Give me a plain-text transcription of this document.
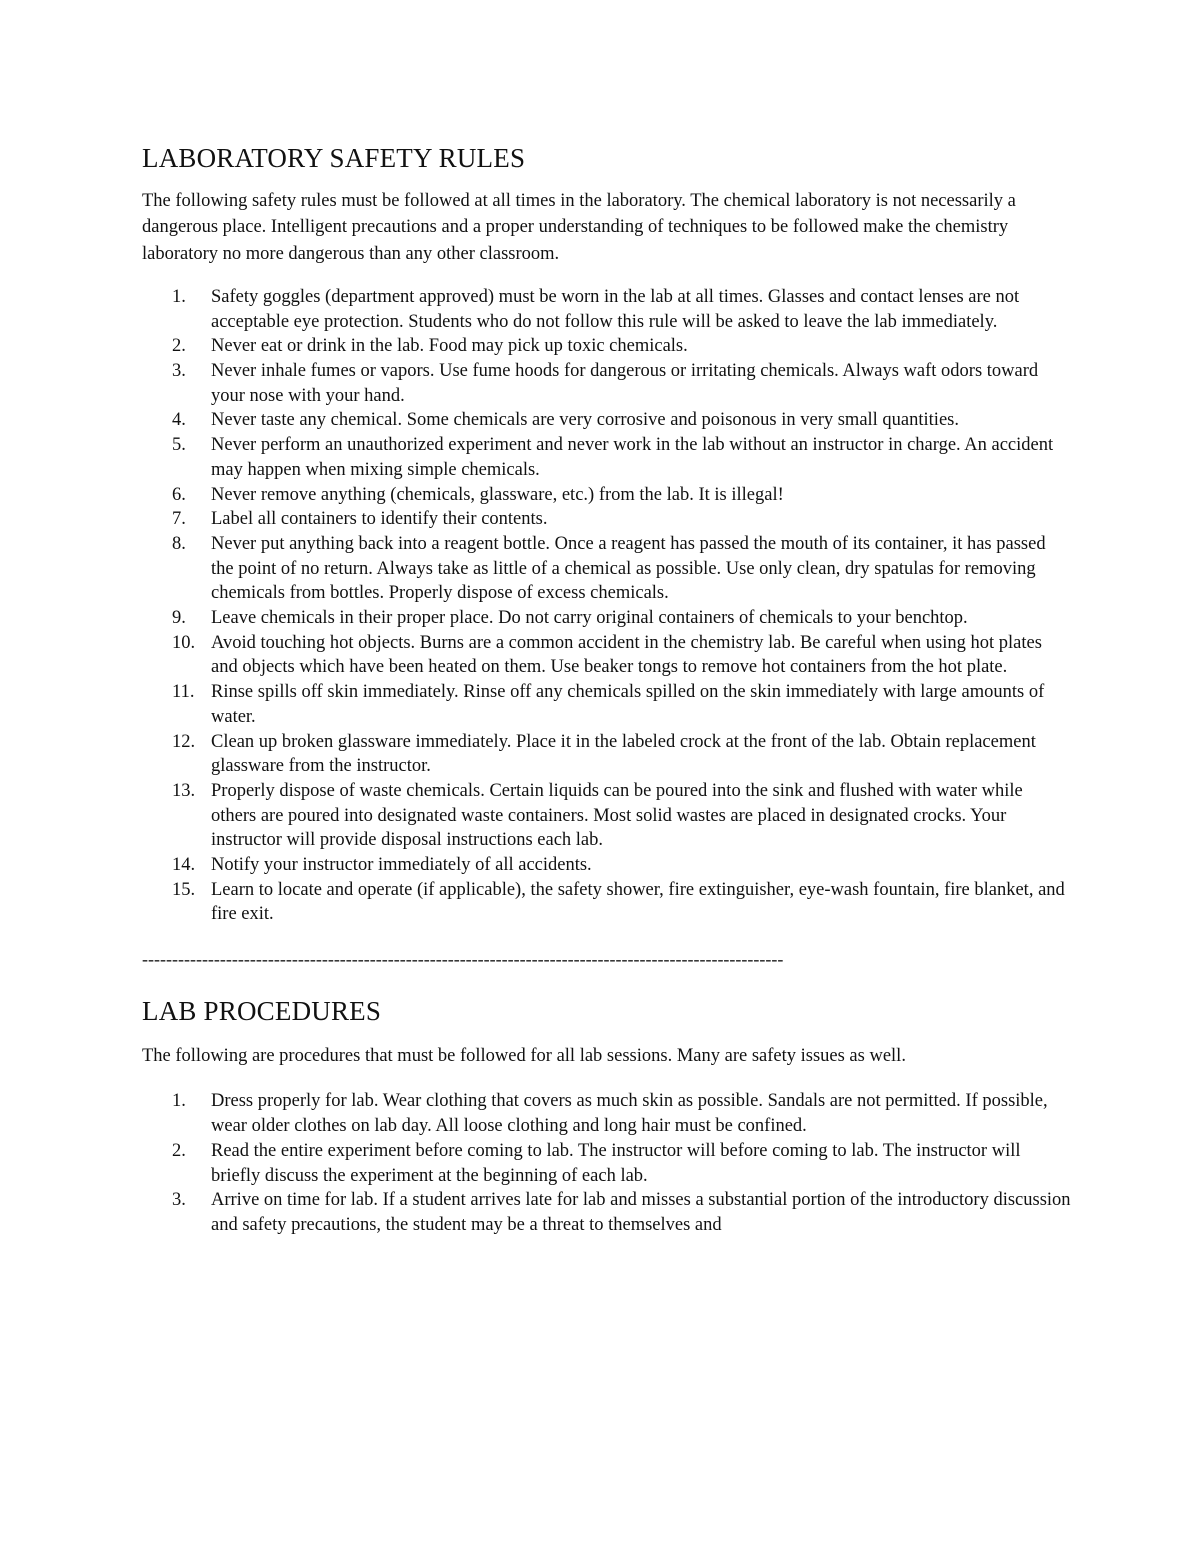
LABORATORY SAFETY RULES

The following safety rules must be followed at all times in the laboratory. The chemical laboratory is not necessarily a dangerous place. Intelligent precautions and a proper understanding of techniques to be followed make the chemistry laboratory no more dangerous than any other classroom.

1. Safety goggles (department approved) must be worn in the lab at all times. Glasses and contact lenses are not acceptable eye protection. Students who do not follow this rule will be asked to leave the lab immediately.
2. Never eat or drink in the lab. Food may pick up toxic chemicals.
3. Never inhale fumes or vapors. Use fume hoods for dangerous or irritating chemicals. Always waft odors toward your nose with your hand.
4. Never taste any chemical. Some chemicals are very corrosive and poisonous in very small quantities.
5. Never perform an unauthorized experiment and never work in the lab without an instructor in charge. An accident may happen when mixing simple chemicals.
6. Never remove anything (chemicals, glassware, etc.) from the lab. It is illegal!
7. Label all containers to identify their contents.
8. Never put anything back into a reagent bottle. Once a reagent has passed the mouth of its container, it has passed the point of no return. Always take as little of a chemical as possible. Use only clean, dry spatulas for removing chemicals from bottles. Properly dispose of excess chemicals.
9. Leave chemicals in their proper place. Do not carry original containers of chemicals to your benchtop.
10. Avoid touching hot objects. Burns are a common accident in the chemistry lab. Be careful when using hot plates and objects which have been heated on them. Use beaker tongs to remove hot containers from the hot plate.
11. Rinse spills off skin immediately. Rinse off any chemicals spilled on the skin immediately with large amounts of water.
12. Clean up broken glassware immediately. Place it in the labeled crock at the front of the lab. Obtain replacement glassware from the instructor.
13. Properly dispose of waste chemicals. Certain liquids can be poured into the sink and flushed with water while others are poured into designated waste containers. Most solid wastes are placed in designated crocks. Your instructor will provide disposal instructions each lab.
14. Notify your instructor immediately of all accidents.
15. Learn to locate and operate (if applicable), the safety shower, fire extinguisher, eye-wash fountain, fire blanket, and fire exit.
-----------------------------------------------------------------------------------------------------------
LAB PROCEDURES

The following are procedures that must be followed for all lab sessions. Many are safety issues as well.

1. Dress properly for lab. Wear clothing that covers as much skin as possible. Sandals are not permitted. If possible, wear older clothes on lab day. All loose clothing and long hair must be confined.
2. Read the entire experiment before coming to lab. The instructor will before coming to lab. The instructor will briefly discuss the experiment at the beginning of each lab.
3. Arrive on time for lab. If a student arrives late for lab and misses a substantial portion of the introductory discussion and safety precautions, the student may be a threat to themselves and
